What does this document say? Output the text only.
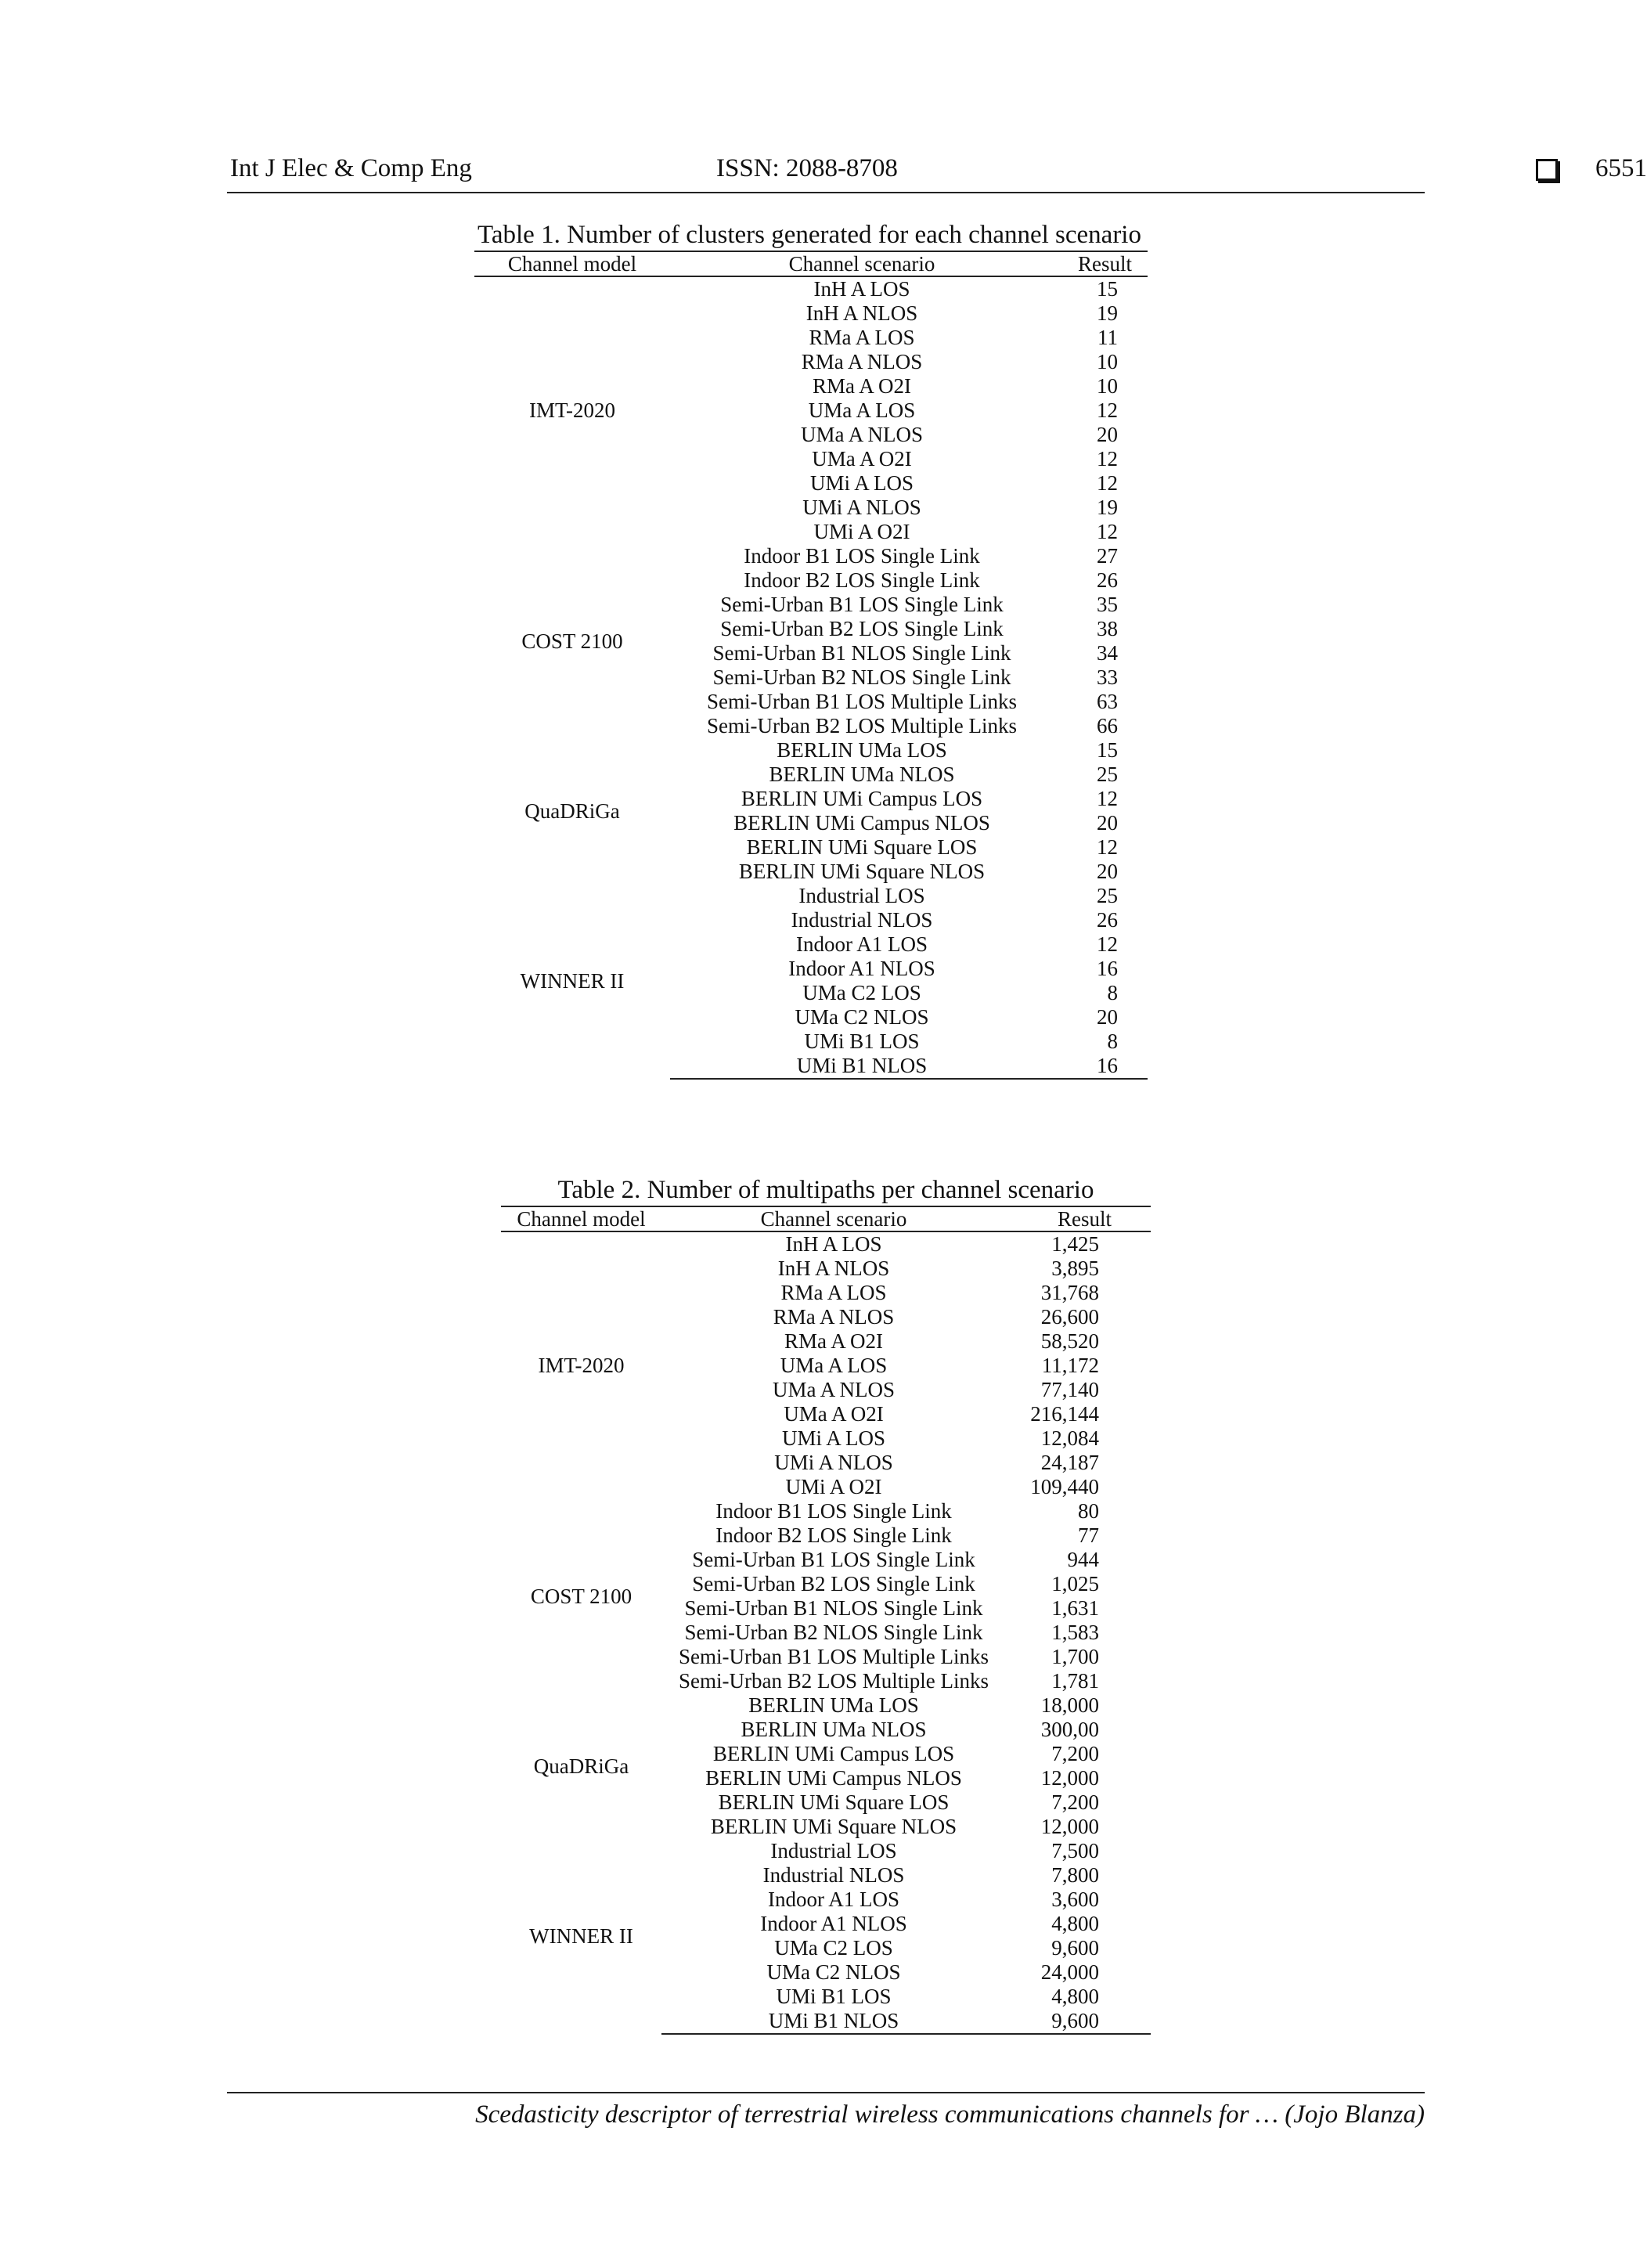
Int J Elec & Comp Eng	ISSN: 2088-8708	6551
Table 1. Number of clusters generated for each channel scenario
Channel model	Channel scenario	Result
IMT-2020	InH A LOS	15
	InH A NLOS	19
	RMa A LOS	11
	RMa A NLOS	10
	RMa A O2I	10
	UMa A LOS	12
	UMa A NLOS	20
	UMa A O2I	12
	UMi A LOS	12
	UMi A NLOS	19
	UMi A O2I	12
COST 2100	Indoor B1 LOS Single Link	27
	Indoor B2 LOS Single Link	26
	Semi-Urban B1 LOS Single Link	35
	Semi-Urban B2 LOS Single Link	38
	Semi-Urban B1 NLOS Single Link	34
	Semi-Urban B2 NLOS Single Link	33
	Semi-Urban B1 LOS Multiple Links	63
	Semi-Urban B2 LOS Multiple Links	66
QuaDRiGa	BERLIN UMa LOS	15
	BERLIN UMa NLOS	25
	BERLIN UMi Campus LOS	12
	BERLIN UMi Campus NLOS	20
	BERLIN UMi Square LOS	12
	BERLIN UMi Square NLOS	20
WINNER II	Industrial LOS	25
	Industrial NLOS	26
	Indoor A1 LOS	12
	Indoor A1 NLOS	16
	UMa C2 LOS	8
	UMa C2 NLOS	20
	UMi B1 LOS	8
	UMi B1 NLOS	16
Table 2. Number of multipaths per channel scenario
Channel model	Channel scenario	Result
IMT-2020	InH A LOS	1,425
	InH A NLOS	3,895
	RMa A LOS	31,768
	RMa A NLOS	26,600
	RMa A O2I	58,520
	UMa A LOS	11,172
	UMa A NLOS	77,140
	UMa A O2I	216,144
	UMi A LOS	12,084
	UMi A NLOS	24,187
	UMi A O2I	109,440
COST 2100	Indoor B1 LOS Single Link	80
	Indoor B2 LOS Single Link	77
	Semi-Urban B1 LOS Single Link	944
	Semi-Urban B2 LOS Single Link	1,025
	Semi-Urban B1 NLOS Single Link	1,631
	Semi-Urban B2 NLOS Single Link	1,583
	Semi-Urban B1 LOS Multiple Links	1,700
	Semi-Urban B2 LOS Multiple Links	1,781
QuaDRiGa	BERLIN UMa LOS	18,000
	BERLIN UMa NLOS	300,00
	BERLIN UMi Campus LOS	7,200
	BERLIN UMi Campus NLOS	12,000
	BERLIN UMi Square LOS	7,200
	BERLIN UMi Square NLOS	12,000
WINNER II	Industrial LOS	7,500
	Industrial NLOS	7,800
	Indoor A1 LOS	3,600
	Indoor A1 NLOS	4,800
	UMa C2 LOS	9,600
	UMa C2 NLOS	24,000
	UMi B1 LOS	4,800
	UMi B1 NLOS	9,600
Scedasticity descriptor of terrestrial wireless communications channels for … (Jojo Blanza)
